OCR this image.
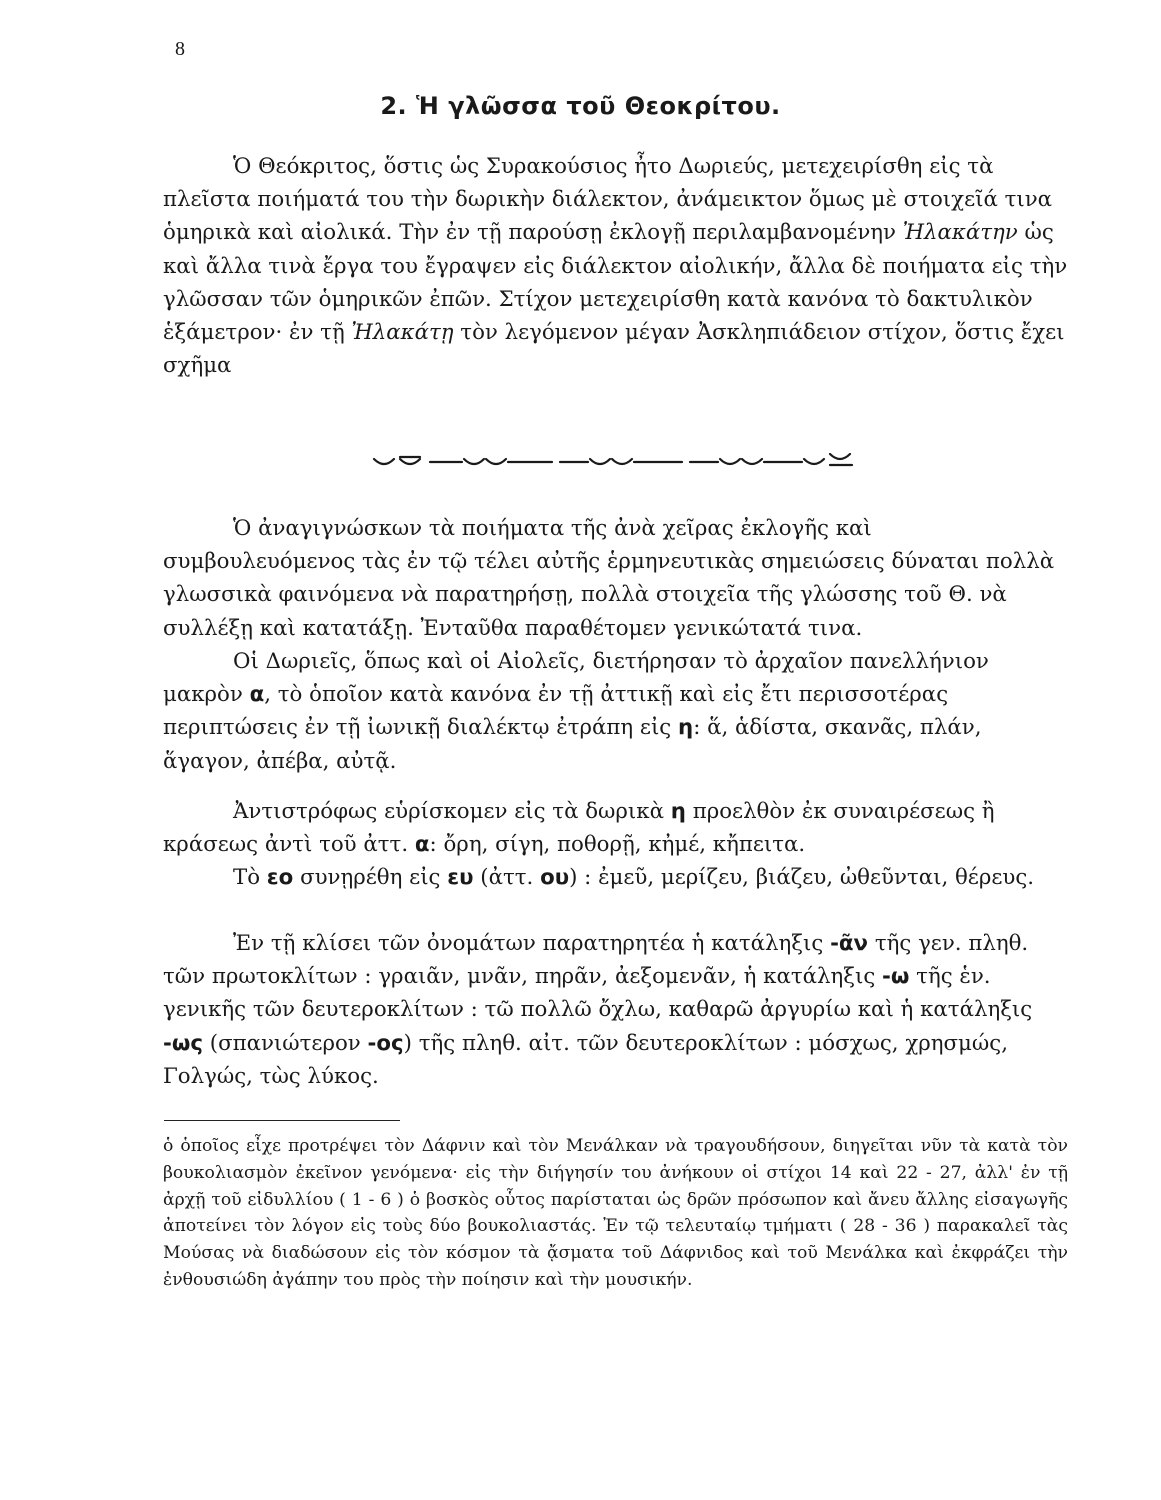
8
2. Ἡ γλῶσσα τοῦ Θεοκρίτου.

Ὁ Θεόκριτος, ὅστις ὡς Συρακούσιος ἦτο Δωριεύς, μετεχειρίσθη εἰς τὰ πλεῖστα ποιήματά του τὴν δωρικὴν διάλεκτον, ἀνάμεικτον ὅμως μὲ στοιχεῖά τινα ὁμηρικὰ καὶ αἰολικά. Τὴν ἐν τῇ παρούσῃ ἐκλογῇ περιλαμβανομένην Ἠλακάτην ὡς καὶ ἄλλα τινὰ ἔργα του ἔγραψεν εἰς διάλεκτον αἰολικήν, ἄλλα δὲ ποιήματα εἰς τὴν γλῶσσαν τῶν ὁμηρικῶν ἐπῶν. Στίχον μετεχειρίσθη κατὰ κανόνα τὸ δακτυλικὸν ἑξάμετρον· ἐν τῇ Ἠλακάτῃ τὸν λεγόμενον μέγαν Ἀσκληπιάδειον στίχον, ὅστις ἔχει σχῆμα

Ὁ ἀναγιγνώσκων τὰ ποιήματα τῆς ἀνὰ χεῖρας ἐκλογῆς καὶ συμβουλευόμενος τὰς ἐν τῷ τέλει αὐτῆς ἑρμηνευτικὰς σημειώσεις δύναται πολλὰ γλωσσικὰ φαινόμενα νὰ παρατηρήσῃ, πολλὰ στοιχεῖα τῆς γλώσσης τοῦ Θ. νὰ συλλέξῃ καὶ κατατάξῃ. Ἐνταῦθα παραθέτομεν γενικώτατά τινα.

Οἱ Δωριεῖς, ὅπως καὶ οἱ Αἰολεῖς, διετήρησαν τὸ ἀρχαῖον πανελλήνιον μακρὸν α, τὸ ὁποῖον κατὰ κανόνα ἐν τῇ ἀττικῇ καὶ εἰς ἔτι περισσοτέρας περιπτώσεις ἐν τῇ ἰωνικῇ διαλέκτῳ ἐτράπη εἰς η: ἅ, ἁδίστα, σκανᾶς, πλάν, ἅγαγον, ἀπέβα, αὐτᾷ.

Ἀντιστρόφως εὑρίσκομεν εἰς τὰ δωρικὰ η προελθὸν ἐκ συναιρέσεως ἢ κράσεως ἀντὶ τοῦ ἀττ. α: ὄρη, σίγη, ποθορῇ, κἠμέ, κἤπειτα.

Τὸ εο συνῃρέθη εἰς ευ (ἀττ. ου) : ἐμεῦ, μερίζευ, βιάζευ, ὠθεῦνται, θέρευς.

Ἐν τῇ κλίσει τῶν ὀνομάτων παρατηρητέα ἡ κατάληξις -ᾶν τῆς γεν. πληθ. τῶν πρωτοκλίτων : γραιᾶν, μνᾶν, πηρᾶν, ἀεξομενᾶν, ἡ κατάληξις -ω τῆς ἑν. γενικῆς τῶν δευτεροκλίτων : τῶ πολλῶ ὄχλω, καθαρῶ ἀργυρίω καὶ ἡ κατάληξις -ως (σπανιώτερον -ος) τῆς πληθ. αἰτ. τῶν δευτεροκλίτων : μόσχως, χρησμώς, Γολγώς, τὼς λύκος.

ὁ ὁποῖος εἶχε προτρέψει τὸν Δάφνιν καὶ τὸν Μενάλκαν νὰ τραγουδήσουν, διηγεῖται νῦν τὰ κατὰ τὸν βουκολιασμὸν ἐκεῖνον γενόμενα· εἰς τὴν διήγησίν του ἀνήκουν οἱ στίχοι 14 καὶ 22 - 27, ἀλλ' ἐν τῇ ἀρχῇ τοῦ εἰδυλλίου ( 1 - 6 ) ὁ βοσκὸς οὗτος παρίσταται ὡς δρῶν πρόσωπον καὶ ἄνευ ἄλλης εἰσαγωγῆς ἀποτείνει τὸν λόγον εἰς τοὺς δύο βουκολιαστάς. Ἐν τῷ τελευταίῳ τμήματι ( 28 - 36 ) παρακαλεῖ τὰς Μούσας νὰ διαδώσουν εἰς τὸν κόσμον τὰ ᾄσματα τοῦ Δάφνιδος καὶ τοῦ Μενάλκα καὶ ἐκφράζει τὴν ἐνθουσιώδη ἀγάπην του πρὸς τὴν ποίησιν καὶ τὴν μουσικήν.
